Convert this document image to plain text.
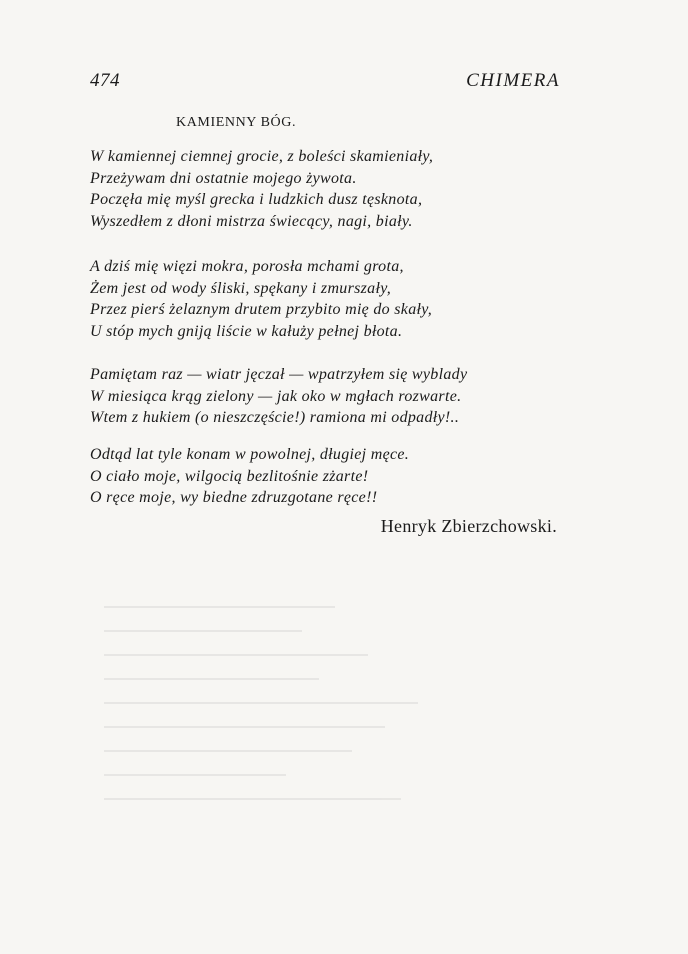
474	CHIMERA
KAMIENNY BÓG.
W kamiennej ciemnej grocie, z boleści skamieniały,
Przeżywam dni ostatnie mojego żywota.
Poczęła mię myśl grecka i ludzkich dusz tęsknota,
Wyszedłem z dłoni mistrza świecący, nagi, biały.
A dziś mię więzi mokra, porosła mchami grota,
Żem jest od wody śliski, spękany i zmurszały,
Przez pierś żelaznym drutem przybito mię do skały,
U stóp mych gniją liście w kałuży pełnej błota.
Pamiętam raz — wiatr jęczał — wpatrzyłem się wyblady
W miesiąca krąg zielony — jak oko w mgłach rozwarte.
Wtem z hukiem (o nieszczęście!) ramiona mi odpadły!..
Odtąd lat tyle konam w powolnej, długiej męce.
O ciało moje, wilgocią bezlitośnie zżarte!
O ręce moje, wy biedne zdruzgotane ręce!!
Henryk Zbierzchowski.
